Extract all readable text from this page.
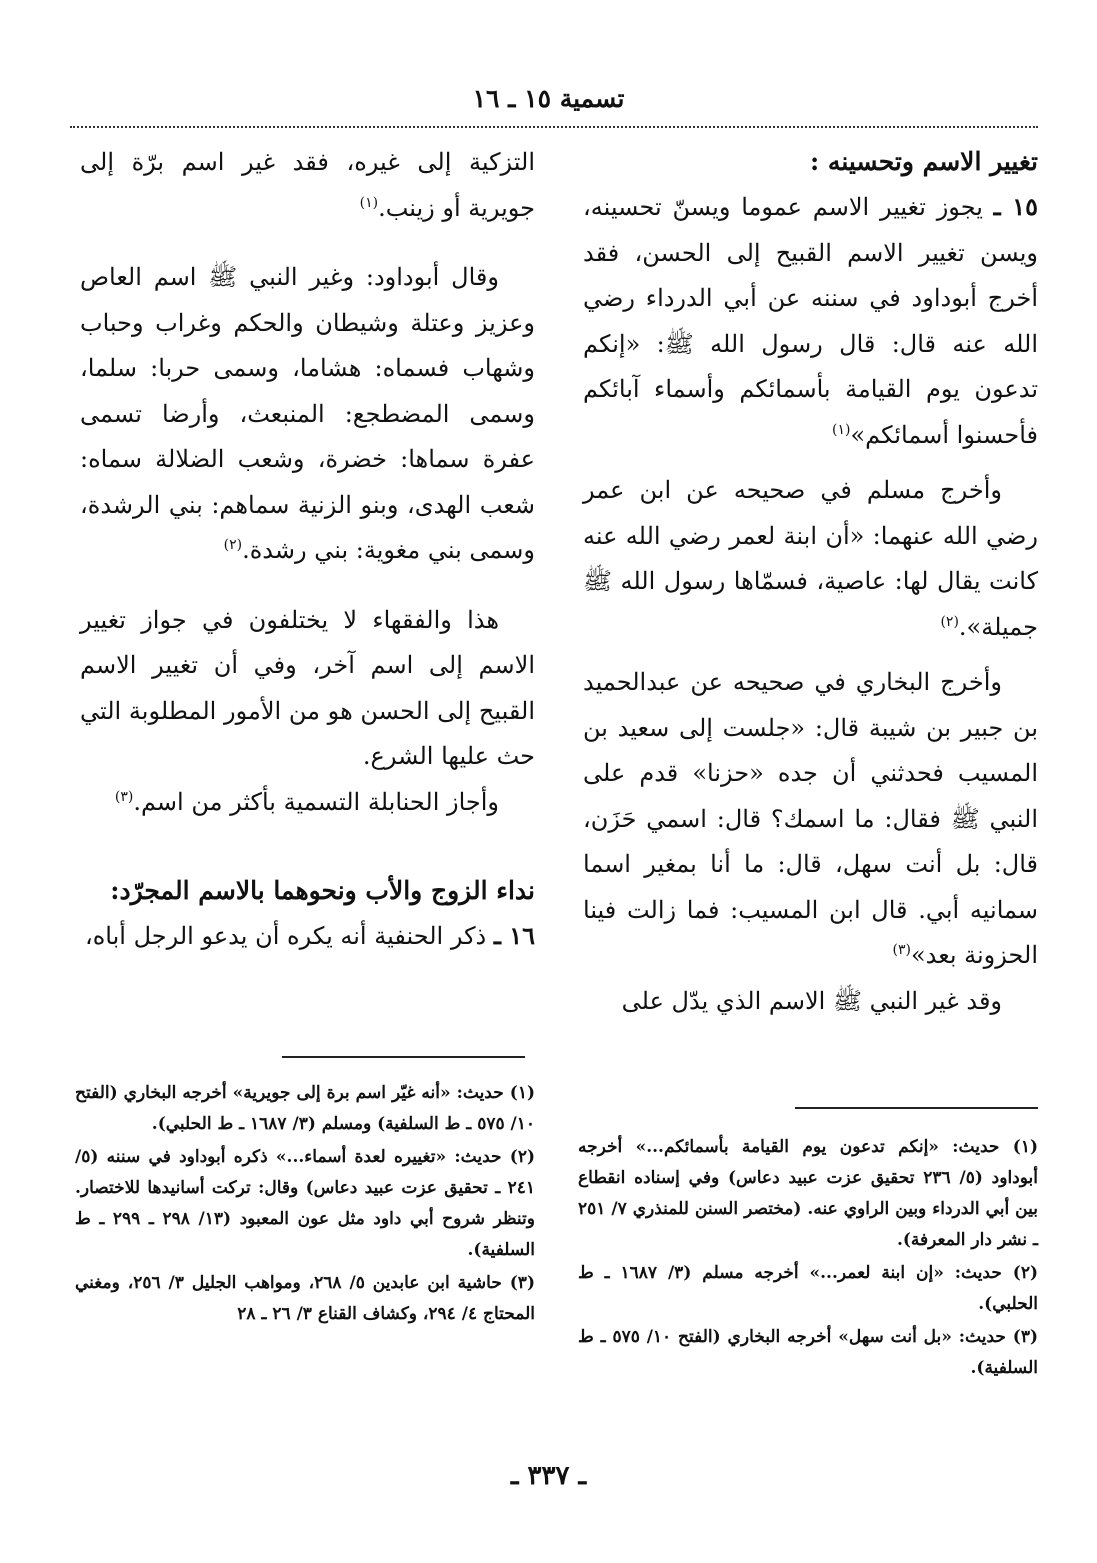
تسمية ١٥ ـ ١٦
تغيير الاسم وتحسينه :

١٥ ـ يجوز تغيير الاسم عموما ويسنّ تحسينه، ويسن تغيير الاسم القبيح إلى الحسن، فقد أخرج أبوداود في سننه عن أبي الدرداء رضي الله عنه قال: قال رسول الله ﷺ: «إنكم تدعون يوم القيامة بأسمائكم وأسماء آبائكم فأحسنوا أسمائكم»$^{(١)}$

وأخرج مسلم في صحيحه عن ابن عمر رضي الله عنهما: «أن ابنة لعمر رضي الله عنه كانت يقال لها: عاصية، فسمّاها رسول الله ﷺ جميلة».$^{(٢)}$

وأخرج البخاري في صحيحه عن عبدالحميد بن جبير بن شيبة قال: «جلست إلى سعيد بن المسيب فحدثني أن جده «حزنا» قدم على النبي ﷺ فقال: ما اسمك؟ قال: اسمي حَزَن، قال: بل أنت سهل، قال: ما أنا بمغير اسما سمانيه أبي. قال ابن المسيب: فما زالت فينا الحزونة بعد»$^{(٣)}$

وقد غير النبي ﷺ الاسم الذي يدّل على

التزكية إلى غيره، فقد غير اسم برّة إلى جويرية أو زينب.$^{(١)}$

وقال أبوداود: وغير النبي ﷺ اسم العاص وعزيز وعتلة وشيطان والحكم وغراب وحباب وشهاب فسماه: هشاما، وسمى حربا: سلما، وسمى المضطجع: المنبعث، وأرضا تسمى عفرة سماها: خضرة، وشعب الضلالة سماه: شعب الهدى، وبنو الزنية سماهم: بني الرشدة، وسمى بني مغوية: بني رشدة.$^{(٢)}$

هذا والفقهاء لا يختلفون في جواز تغيير الاسم إلى اسم آخر، وفي أن تغيير الاسم القبيح إلى الحسن هو من الأمور المطلوبة التي حث عليها الشرع.

وأجاز الحنابلة التسمية بأكثر من اسم.$^{(٣)}$

نداء الزوج والأب ونحوهما بالاسم المجرّد:

١٦ ـ ذكر الحنفية أنه يكره أن يدعو الرجل أباه،

(١) حديث: «إنكم تدعون يوم القيامة بأسمائكم...» أخرجه أبوداود (٥/ ٢٣٦ تحقيق عزت عبيد دعاس) وفي إسناده انقطاع بين أبي الدرداء وبين الراوي عنه. (مختصر السنن للمنذري ٧/ ٢٥١ ـ نشر دار المعرفة).

(٢) حديث: «إن ابنة لعمر...» أخرجه مسلم (٣/ ١٦٨٧ ـ ط الحلبي).

(٣) حديث: «بل أنت سهل» أخرجه البخاري (الفتح ١٠/ ٥٧٥ ـ ط السلفية).

(١) حديث: «أنه غيّر اسم برة إلى جويرية» أخرجه البخاري (الفتح ١٠/ ٥٧٥ ـ ط السلفية) ومسلم (٣/ ١٦٨٧ ـ ط الحلبي).

(٢) حديث: «تغييره لعدة أسماء...» ذكره أبوداود في سننه (٥/ ٢٤١ ـ تحقيق عزت عبيد دعاس) وقال: تركت أسانيدها للاختصار. وتنظر شروح أبي داود مثل عون المعبود (١٣/ ٢٩٨ ـ ٢٩٩ ـ ط السلفية).

(٣) حاشية ابن عابدين ٥/ ٢٦٨، ومواهب الجليل ٣/ ٢٥٦، ومغني المحتاج ٤/ ٢٩٤، وكشاف القناع ٣/ ٢٦ ـ ٢٨

ـ ٣٣٧ ـ
